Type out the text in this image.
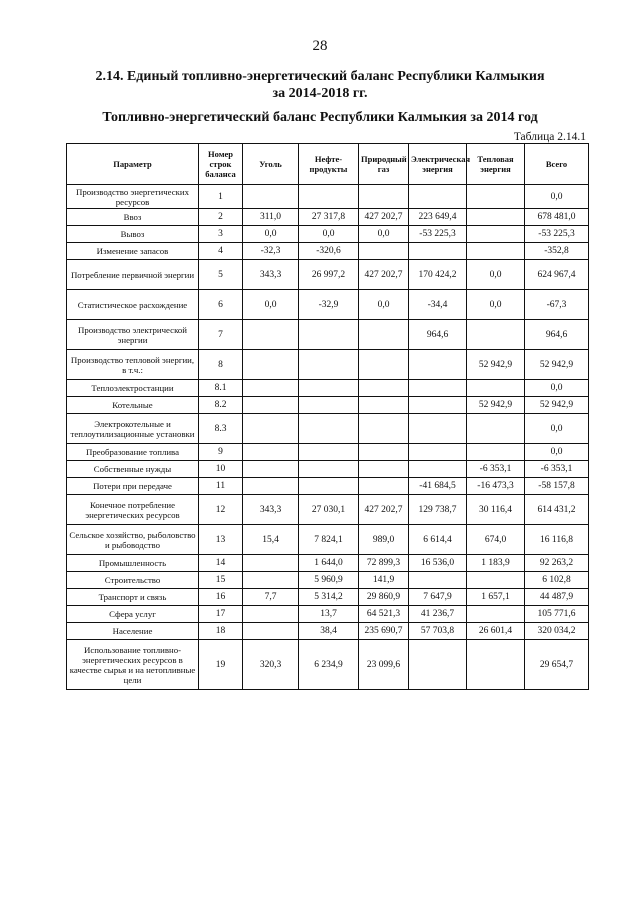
28
2.14. Единый топливно-энергетический баланс Республики Калмыкия
за 2014-2018 гг.
Топливно-энергетический баланс Республики Калмыкия за 2014 год
Таблица 2.14.1
Параметр	Номер строк баланса	Уголь	Нефте-продукты	Природный газ	Электрическая энергия	Тепловая энергия	Всего
Производство энергетических ресурсов	1						0,0
Ввоз	2	311,0	27 317,8	427 202,7	223 649,4		678 481,0
Вывоз	3	0,0	0,0	0,0	-53 225,3		-53 225,3
Изменение запасов	4	-32,3	-320,6				-352,8
Потребление первичной энергии	5	343,3	26 997,2	427 202,7	170 424,2	0,0	624 967,4
Статистическое расхождение	6	0,0	-32,9	0,0	-34,4	0,0	-67,3
Производство электрической энергии	7				964,6		964,6
Производство тепловой энергии, в т.ч.:	8					52 942,9	52 942,9
Теплоэлектростанции	8.1						0,0
Котельные	8.2					52 942,9	52 942,9
Электрокотельные и теплоутилизационные установки	8.3						0,0
Преобразование топлива	9						0,0
Собственные нужды	10					-6 353,1	-6 353,1
Потери при передаче	11				-41 684,5	-16 473,3	-58 157,8
Конечное потребление энергетических ресурсов	12	343,3	27 030,1	427 202,7	129 738,7	30 116,4	614 431,2
Сельское хозяйство, рыболовство и рыбоводство	13	15,4	7 824,1	989,0	6 614,4	674,0	16 116,8
Промышленность	14		1 644,0	72 899,3	16 536,0	1 183,9	92 263,2
Строительство	15		5 960,9	141,9			6 102,8
Транспорт и связь	16	7,7	5 314,2	29 860,9	7 647,9	1 657,1	44 487,9
Сфера услуг	17		13,7	64 521,3	41 236,7		105 771,6
Население	18		38,4	235 690,7	57 703,8	26 601,4	320 034,2
Использование топливно-энергетических ресурсов в качестве сырья и на нетопливные цели	19	320,3	6 234,9	23 099,6			29 654,7
